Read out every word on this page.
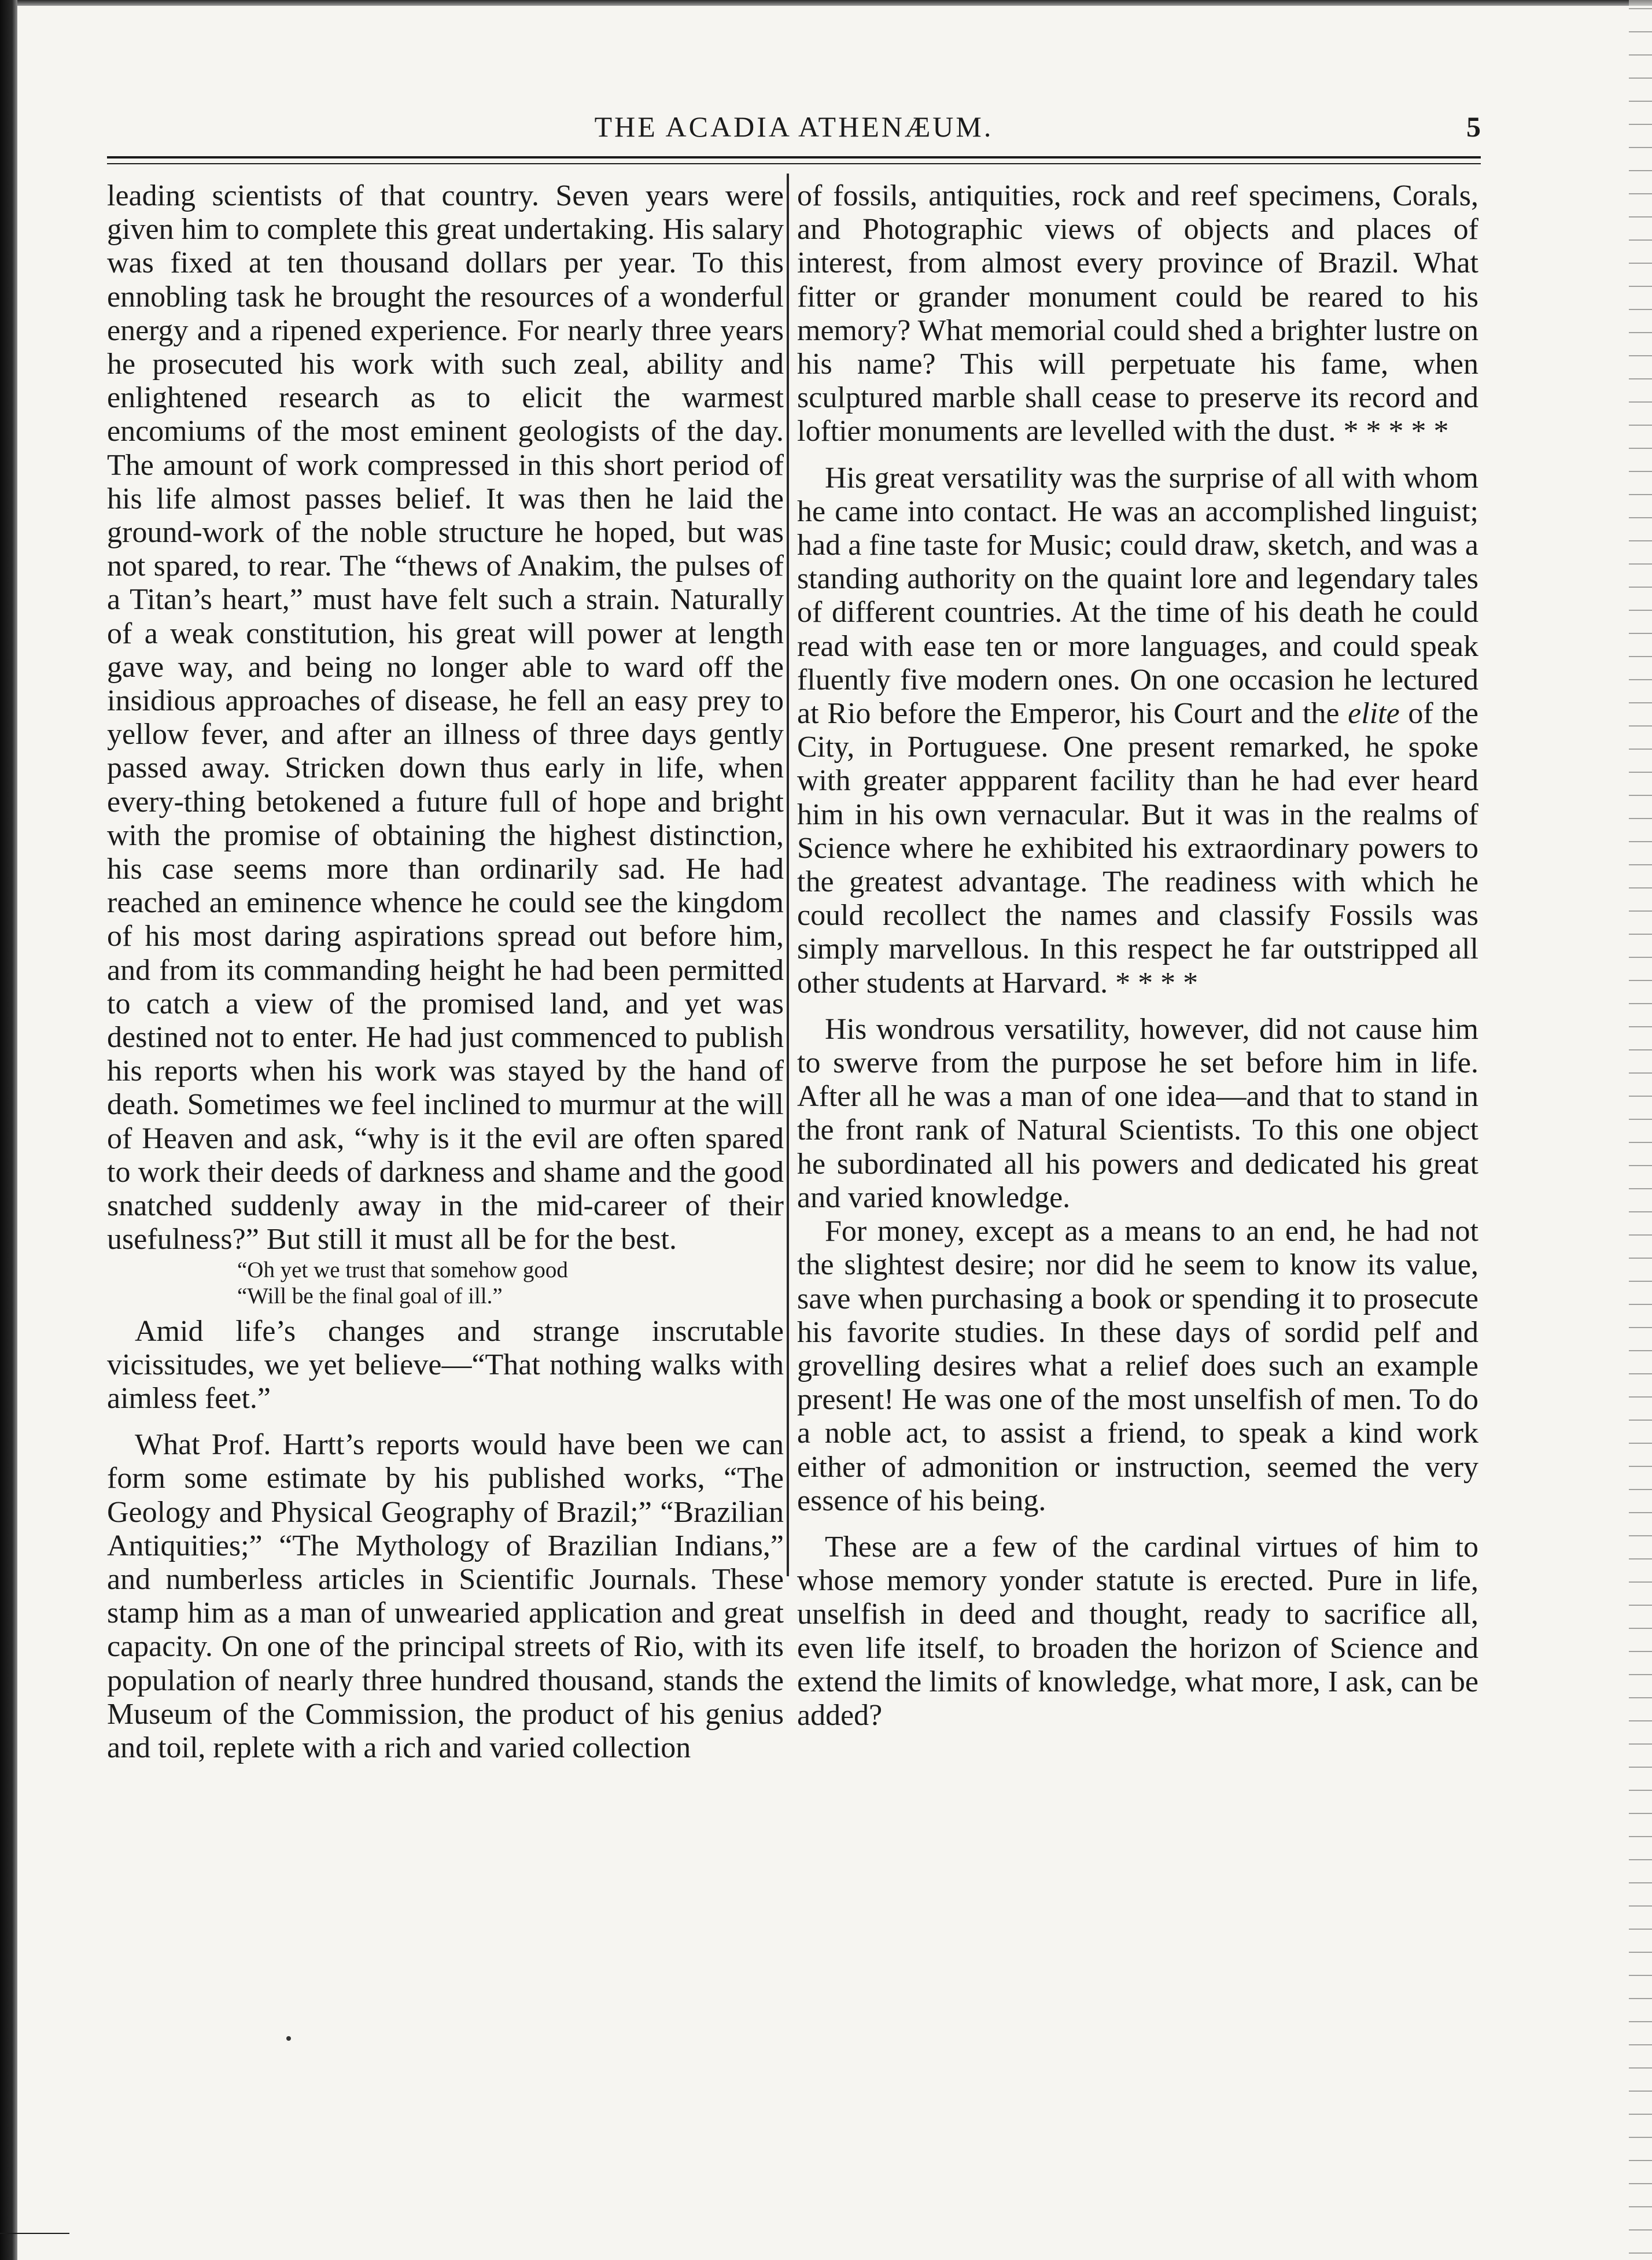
THE ACADIA ATHENÆUM.	5

leading scientists of that country. Seven years were given him to complete this great undertaking. His salary was fixed at ten thousand dollars per year. To this ennobling task he brought the resources of a wonderful energy and a ripened experience. For nearly three years he prosecuted his work with such zeal, ability and enlightened research as to elicit the warmest encomiums of the most eminent geologists of the day. The amount of work compressed in this short period of his life almost passes belief. It was then he laid the ground-work of the noble structure he hoped, but was not spared, to rear. The “thews of Anakim, the pulses of a Titan’s heart,” must have felt such a strain. Naturally of a weak constitution, his great will power at length gave way, and being no longer able to ward off the insidious approaches of disease, he fell an easy prey to yellow fever, and after an illness of three days gently passed away. Stricken down thus early in life, when every-thing betokened a future full of hope and bright with the promise of obtaining the highest distinction, his case seems more than ordinarily sad. He had reached an eminence whence he could see the kingdom of his most daring aspirations spread out before him, and from its commanding height he had been permitted to catch a view of the promised land, and yet was destined not to enter. He had just commenced to publish his reports when his work was stayed by the hand of death. Sometimes we feel inclined to murmur at the will of Heaven and ask, “why is it the evil are often spared to work their deeds of darkness and shame and the good snatched suddenly away in the mid-career of their usefulness?” But still it must all be for the best.

“Oh yet we trust that somehow good
“Will be the final goal of ill.”

Amid life’s changes and strange inscrutable vicissitudes, we yet believe—“That nothing walks with aimless feet.”

What Prof. Hartt’s reports would have been we can form some estimate by his published works, “The Geology and Physical Geography of Brazil;” “Brazilian Antiquities;” “The Mythology of Brazilian Indians,” and numberless articles in Scientific Journals. These stamp him as a man of unwearied application and great capacity. On one of the principal streets of Rio, with its population of nearly three hundred thousand, stands the Museum of the Commission, the product of his genius and toil, replete with a rich and varied collection

of fossils, antiquities, rock and reef specimens, Corals, and Photographic views of objects and places of interest, from almost every province of Brazil. What fitter or grander monument could be reared to his memory? What memorial could shed a brighter lustre on his name? This will perpetuate his fame, when sculptured marble shall cease to preserve its record and loftier monuments are levelled with the dust. * * * * *

His great versatility was the surprise of all with whom he came into contact. He was an accomplished linguist; had a fine taste for Music; could draw, sketch, and was a standing authority on the quaint lore and legendary tales of different countries. At the time of his death he could read with ease ten or more languages, and could speak fluently five modern ones. On one occasion he lectured at Rio before the Emperor, his Court and the elite of the City, in Portuguese. One present remarked, he spoke with greater appparent facility than he had ever heard him in his own vernacular. But it was in the realms of Science where he exhibited his extraordinary powers to the greatest advantage. The readiness with which he could recollect the names and classify Fossils was simply marvellous. In this respect he far outstripped all other students at Harvard. * * * *

His wondrous versatility, however, did not cause him to swerve from the purpose he set before him in life. After all he was a man of one idea—and that to stand in the front rank of Natural Scientists. To this one object he subordinated all his powers and dedicated his great and varied knowledge.

For money, except as a means to an end, he had not the slightest desire; nor did he seem to know its value, save when purchasing a book or spending it to prosecute his favorite studies. In these days of sordid pelf and grovelling desires what a relief does such an example present! He was one of the most unselfish of men. To do a noble act, to assist a friend, to speak a kind work either of admonition or instruction, seemed the very essence of his being.

These are a few of the cardinal virtues of him to whose memory yonder statute is erected. Pure in life, unselfish in deed and thought, ready to sacrifice all, even life itself, to broaden the horizon of Science and extend the limits of knowledge, what more, I ask, can be added?
